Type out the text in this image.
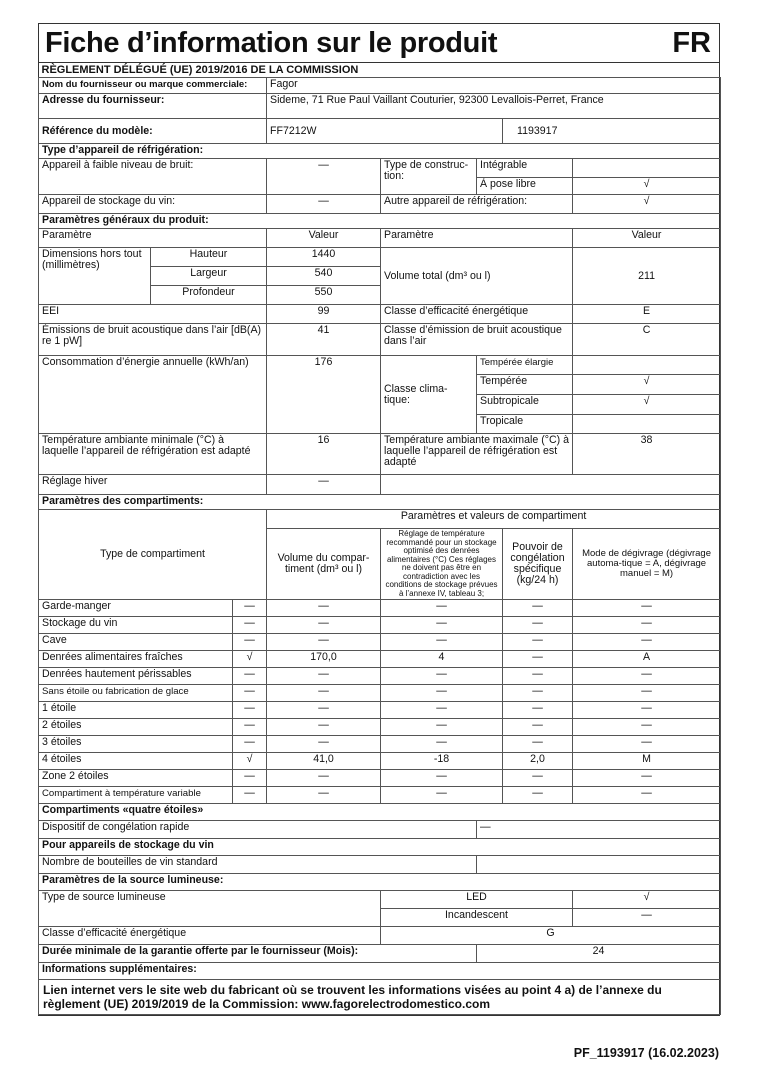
Fiche d’information sur le produit	FR
RÈGLEMENT DÉLÉGUÉ (UE) 2019/2016 DE LA COMMISSION							
Nom du fournisseur ou marque commerciale:			Fagor				
Adresse du fournisseur:			Sideme, 71 Rue Paul Vaillant Couturier, 92300 Levallois-Perret, France				
Référence du modèle:			FF7212W			1193917	
Type d’appareil de réfrigération:							
Appareil à faible niveau de bruit:			—	Type de construc-tion:	Intégrable		
					À pose libre		√
Appareil de stockage du vin:			—	Autre appareil de réfrigération:			√
Paramètres généraux du produit:							
Paramètre			Valeur	Paramètre			Valeur
Dimensions hors tout (millimètres)	Hauteur		1440	Volume total (dm³ ou l)			211
	Largeur		540				
	Profondeur		550				
EEI			99	Classe d’efficacité énergétique			E
Émissions de bruit acoustique dans l’air [dB(A) re 1 pW]			41	Classe d’émission de bruit acoustique dans l’air			C
Consommation d’énergie annuelle (kWh/an)			176	Classe clima-tique:	Tempérée élargie		
					Tempérée		√
					Subtropicale		√
					Tropicale		
Température ambiante minimale (°C) à laquelle l’appareil de réfrigération est adapté			16	Température ambiante maximale (°C) à laquelle l’appareil de réfrigération est adapté			38
Réglage hiver			—				
Paramètres des compartiments:							
Type de compartiment			Paramètres et valeurs de compartiment				
			Volume du compar-timent (dm³ ou l)	Réglage de température recommandé pour un stockage optimisé des denrées alimentaires (°C) Ces réglages ne doivent pas être en contradiction avec les conditions de stockage prévues à l’annexe IV, tableau 3;		Pouvoir de congélation spécifique (kg/24 h)	Mode de dégivrage (dégivrage automa-tique = A, dégivrage manuel = M)
Garde-manger		—	—	—		—	—
Stockage du vin		—	—	—		—	—
Cave		—	—	—		—	—
Denrées alimentaires fraîches		√	170,0	4		—	A
Denrées hautement périssables		—	—	—		—	—
Sans étoile ou fabrication de glace		—	—	—		—	—
1 étoile		—	—	—		—	—
2 étoiles		—	—	—		—	—
3 étoiles		—	—	—		—	—
4 étoiles		√	41,0	-18		2,0	M
Zone 2 étoiles		—	—	—		—	—
Compartiment à température variable		—	—	—		—	—
Compartiments «quatre étoiles»							
Dispositif de congélation rapide					—		
Pour appareils de stockage du vin							
Nombre de bouteilles de vin standard							
Paramètres de la source lumineuse:							
Type de source lumineuse				LED			√
				Incandescent			—
Classe d’efficacité énergétique				G			
Durée minimale de la garantie offerte par le fournisseur (Mois):					24		
Informations supplémentaires:							
Lien internet vers le site web du fabricant où se trouvent les informations visées au point 4 a) de l’annexe du règlement (UE) 2019/2019 de la Commission: www.fagorelectrodomestico.com							
PF_1193917 (16.02.2023)
